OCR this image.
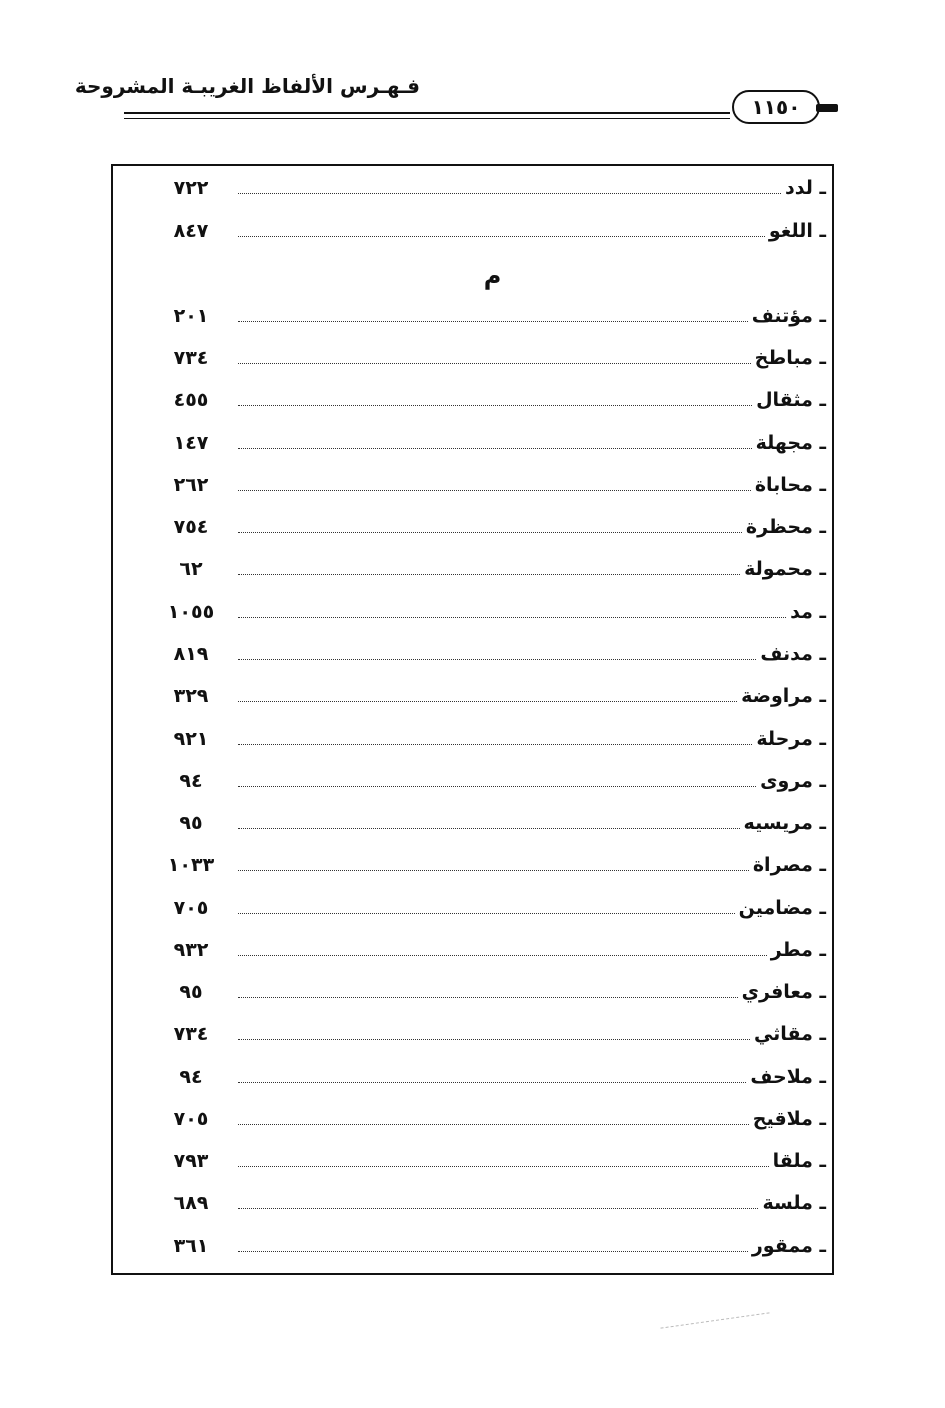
فـهـرس الألفاظ الغريبـة المشروحة
١١٥٠
م
ـ لدد
٧٢٢
ـ اللغو
٨٤٧
ـ مؤتنف
٢٠١
ـ مباطخ
٧٣٤
ـ مثقال
٤٥٥
ـ مجهلة
١٤٧
ـ محاباة
٢٦٢
ـ محظرة
٧٥٤
ـ محمولة
٦٢
ـ مد
١٠٥٥
ـ مدنف
٨١٩
ـ مراوضة
٣٢٩
ـ مرحلة
٩٢١
ـ مروى
٩٤
ـ مريسيه
٩٥
ـ مصراة
١٠٣٣
ـ مضامين
٧٠٥
ـ مطر
٩٣٢
ـ معافري
٩٥
ـ مقاثي
٧٣٤
ـ ملاحف
٩٤
ـ ملاقيح
٧٠٥
ـ ملقا
٧٩٣
ـ ملسة
٦٨٩
ـ ممقور
٣٦١
